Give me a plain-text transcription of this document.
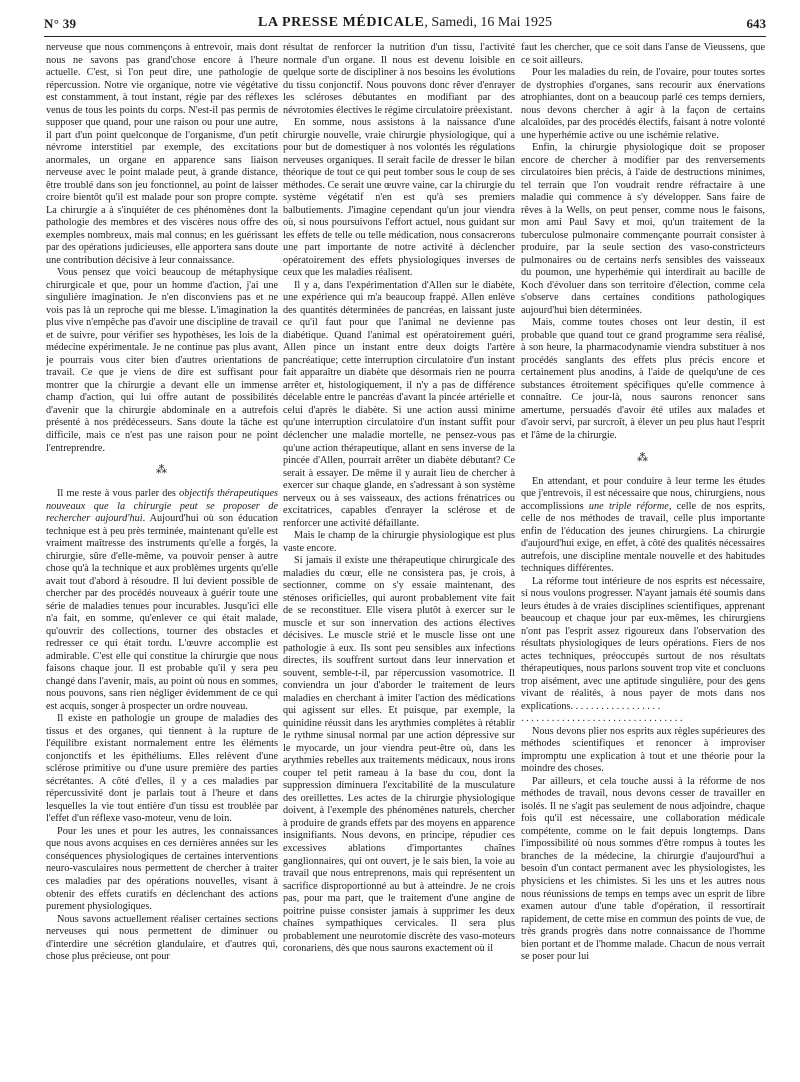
N° 39	LA PRESSE MÉDICALE, Samedi, 16 Mai 1925	643

nerveuse que nous commençons à entrevoir, mais dont nous ne savons pas grand'chose encore à l'heure actuelle. C'est, si l'on peut dire, une pathologie de répercussion. Notre vie organique, notre vie végétative est constamment, à tout instant, régie par des réflexes venus de tous les points du corps. N'est-il pas permis de supposer que quand, pour une raison ou pour une autre, il part d'un point quelconque de l'organisme, d'un petit névrome interstitiel par exemple, des excitations anormales, un organe en apparence sans liaison nerveuse avec le point malade peut, à grande distance, être troublé dans son jeu fonctionnel, au point de laisser croire bientôt qu'il est malade pour son propre compte. La chirurgie a à s'inquiéter de ces phénomènes dont la pathologie des membres et des viscères nous offre des exemples nombreux, mais mal connus; en les guérissant par des opérations judicieuses, elle apportera sans doute une contribution décisive à leur connaissance.

Vous pensez que voici beaucoup de métaphysique chirurgicale et que, pour un homme d'action, j'ai une singulière imagination. Je n'en disconviens pas et ne vois pas là un reproche qui me blesse. L'imagination la plus vive n'empêche pas d'avoir une discipline de travail et de suivre, pour vérifier ses hypothèses, les lois de la médecine expérimentale. Je ne continue pas plus avant, je pourrais vous citer bien d'autres orientations de travail. Ce que je viens de dire est suffisant pour montrer que la chirurgie a devant elle un immense champ d'action, qui lui offre autant de possibilités d'avenir que la chirurgie abdominale en a autrefois présenté à nos prédécesseurs. Sans doute la tâche est difficile, mais ce n'est pas une raison pour ne point l'entreprendre.

⁂

Il me reste à vous parler des objectifs thérapeutiques nouveaux que la chirurgie peut se proposer de rechercher aujourd'hui. Aujourd'hui où son éducation technique est à peu près terminée, maintenant qu'elle est vraiment maîtresse des instruments qu'elle a forgés, la chirurgie, sûre d'elle-même, va pouvoir penser à autre chose qu'à la technique et aux problèmes urgents qu'elle avait tout d'abord à résoudre. Il lui devient possible de chercher par des procédés nouveaux à guérir toute une série de maladies tenues pour incurables. Jusqu'ici elle n'a fait, en somme, qu'enlever ce qui était malade, qu'ouvrir des collections, tourner des obstacles et redresser ce qui était tordu. L'œuvre accomplie est admirable. C'est elle qui constitue la chirurgie que nous faisons chaque jour. Il est probable qu'il y sera peu changé dans l'avenir, mais, au point où nous en sommes, nous pouvons, sans rien négliger évidemment de ce qui est acquis, songer à prospecter un ordre nouveau.

Il existe en pathologie un groupe de maladies des tissus et des organes, qui tiennent à la rupture de l'équilibre existant normalement entre les éléments conjonctifs et les épithéliums. Elles relèvent d'une sclérose primitive ou d'une usure première des parties sécrétantes. A côté d'elles, il y a ces maladies par répercussivité dont je parlais tout à l'heure et dans lesquelles la vie tout entière d'un tissu est troublée par l'effet d'un réflexe vaso-moteur, venu de loin.

Pour les unes et pour les autres, les connaissances que nous avons acquises en ces dernières années sur les conséquences physiologiques de certaines interventions neuro-vasculaires nous permettent de chercher à traiter ces maladies par des opérations nouvelles, visant à obtenir des effets curatifs en déclenchant des actions purement physiologiques.

Nous savons actuellement réaliser certaines sections nerveuses qui nous permettent de diminuer ou d'interdire une sécrétion glandulaire, et d'autres qui, chose plus précieuse, ont pour

résultat de renforcer la nutrition d'un tissu, l'activité normale d'un organe. Il nous est devenu loisible en quelque sorte de discipliner à nos besoins les évolutions du tissu conjonctif. Nous pouvons donc rêver d'enrayer les scléroses débutantes en modifiant par des névrotomies électives le régime circulatoire préexistant.

En somme, nous assistons à la naissance d'une chirurgie nouvelle, vraie chirurgie physiologique, qui a pour but de domestiquer à nos volontés les régulations nerveuses organiques. Il serait facile de dresser le bilan théorique de tout ce qui peut tomber sous le coup de ses méthodes. Ce serait une œuvre vaine, car la chirurgie du système végétatif n'en est qu'à ses premiers balbutiements. J'imagine cependant qu'un jour viendra où, si nous poursuivons l'effort actuel, nous guidant sur les effets de telle ou telle médication, nous consacrerons une part importante de notre activité à déclencher opératoirement des effets physiologiques inverses de ceux que les maladies réalisent.

Il y a, dans l'expérimentation d'Allen sur le diabète, une expérience qui m'a beaucoup frappé. Allen enlève des quantités déterminées de pancréas, en laissant juste ce qu'il faut pour que l'animal ne devienne pas diabétique. Quand l'animal est opératoirement guéri, Allen pince un instant entre deux doigts l'artère pancréatique; cette interruption circulatoire d'un instant fait apparaître un diabète que désormais rien ne pourra arrêter et, histologiquement, il n'y a pas de différence décelable entre le pancréas d'avant la pincée artérielle et celui d'après le diabète. Si une action aussi minime qu'une interruption circulatoire d'un instant suffit pour déclencher une maladie mortelle, ne pensez-vous pas qu'une action thérapeutique, allant en sens inverse de la pincée d'Allen, pourrait arrêter un diabète débutant? Ce serait à essayer. De même il y aurait lieu de chercher à exercer sur chaque glande, en s'adressant à son système nerveux ou à ses vaisseaux, des actions frénatrices ou excitatrices, capables d'enrayer la sclérose et de renforcer une activité défaillante.

Mais le champ de la chirurgie physiologique est plus vaste encore.

Si jamais il existe une thérapeutique chirurgicale des maladies du cœur, elle ne consistera pas, je crois, à sectionner, comme on s'y essaie maintenant, des sténoses orificielles, qui auront probablement vite fait de se reconstituer. Elle visera plutôt à exercer sur le muscle et sur son innervation des actions électives décisives. Le muscle strié et le muscle lisse ont une pathologie à eux. Ils sont peu sensibles aux infections directes, ils souffrent surtout dans leur innervation et souvent, semble-t-il, par répercussion vasomotrice. Il conviendra un jour d'aborder le traitement de leurs maladies en cherchant à imiter l'action des médications qui agissent sur elles. Et puisque, par exemple, la quinidine réussit dans les arythmies complètes à rétablir le rythme sinusal normal par une action dépressive sur le myocarde, un jour viendra peut-être où, dans les arythmies rebelles aux traitements médicaux, nous irons couper tel petit rameau à la base du cou, dont la suppression diminuera l'excitabilité de la musculature des oreillettes. Les actes de la chirurgie physiologique doivent, à l'exemple des phénomènes naturels, chercher à produire de grands effets par des moyens en apparence insignifiants. Nous devons, en principe, répudier ces excessives ablations d'importantes chaînes ganglionnaires, qui ont ouvert, je le sais bien, la voie au travail que nous entreprenons, mais qui représentent un sacrifice disproportionné au but à atteindre. Je ne crois pas, pour ma part, que le traitement d'une angine de poitrine puisse consister jamais à supprimer les deux chaînes sympathiques cervicales. Il sera plus probablement une neurotomie discrète des vaso-moteurs coronariens, dès que nous saurons exactement où il

faut les chercher, que ce soit dans l'anse de Vieussens, que ce soit ailleurs.

Pour les maladies du rein, de l'ovaire, pour toutes sortes de dystrophies d'organes, sans recourir aux énervations atrophiantes, dont on a beaucoup parlé ces temps derniers, nous devons chercher à agir à la façon de certains alcaloïdes, par des procédés électifs, faisant à notre volonté une hyperhémie active ou une ischémie relative.

Enfin, la chirurgie physiologique doit se proposer encore de chercher à modifier par des renversements circulatoires bien précis, à l'aide de destructions minimes, tel terrain que l'on voudrait rendre réfractaire à une maladie qui commence à s'y développer. Sans faire de rêves à la Wells, on peut penser, comme nous le faisons, mon ami Paul Savy et moi, qu'un traitement de la tuberculose pulmonaire commençante pourrait consister à produire, par la seule section des vaso-constricteurs pulmonaires ou de certains nerfs sensibles des vaisseaux du poumon, une hyperhémie qui interdirait au bacille de Koch d'évoluer dans son territoire d'élection, comme cela s'observe dans certaines conditions pathologiques aujourd'hui bien déterminées.

Mais, comme toutes choses ont leur destin, il est probable que quand tout ce grand programme sera réalisé, à son heure, la pharmacodynamie viendra substituer à nos procédés sanglants des effets plus précis encore et certainement plus anodins, à l'aide de quelqu'une de ces substances étroitement spécifiques qu'elle commence à connaître. Ce jour-là, nous saurons renoncer sans amertume, persuadés d'avoir été utiles aux malades et d'avoir servi, par surcroît, à élever un peu plus haut l'esprit et l'âme de la chirurgie.

⁂

En attendant, et pour conduire à leur terme les études que j'entrevois, il est nécessaire que nous, chirurgiens, nous accomplissions une triple réforme, celle de nos esprits, celle de nos méthodes de travail, celle plus importante enfin de l'éducation des jeunes chirurgiens. La chirurgie d'aujourd'hui exige, en effet, à côté des qualités nécessaires autrefois, une discipline mentale nouvelle et des habitudes techniques différentes.

La réforme tout intérieure de nos esprits est nécessaire, si nous voulons progresser. N'ayant jamais été soumis dans leurs études à de vraies disciplines scientifiques, apprenant beaucoup et chaque jour par eux-mêmes, les chirurgiens n'ont pas l'esprit assez rigoureux dans l'observation des résultats physiologiques de leurs opérations. Fiers de nos actes techniques, préoccupés surtout de nos résultats thérapeutiques, nous parlons souvent trop vite et concluons trop aisément, avec une aptitude singulière, pour des gens vivant de réalités, à nous payer de mots dans nos explications. . . . . . . . . . . . . . . . . .

. . . . . . . . . . . . . . . . . . . . . . . . . . . . . . . .

Nous devons plier nos esprits aux règles supérieures des méthodes scientifiques et renoncer à improviser impromptu une explication à tout et une théorie pour la moindre des choses.

Par ailleurs, et cela touche aussi à la réforme de nos méthodes de travail, nous devons cesser de travailler en isolés. Il ne s'agit pas seulement de nous adjoindre, chaque fois qu'il est nécessaire, une collaboration médicale compétente, comme on le fait depuis longtemps. Dans l'impossibilité où nous sommes d'être rompus à toutes les branches de la médecine, la chirurgie d'aujourd'hui a besoin d'un contact permanent avec les physiologistes, les physiciens et les chimistes. Si les uns et les autres nous nous réunissions de temps en temps avec un esprit de libre examen autour d'une table d'opération, il ressortirait rapidement, de cette mise en commun des points de vue, de très grands progrès dans notre connaissance de l'homme bien portant et de l'homme malade. Chacun de nous verrait se poser pour lui
